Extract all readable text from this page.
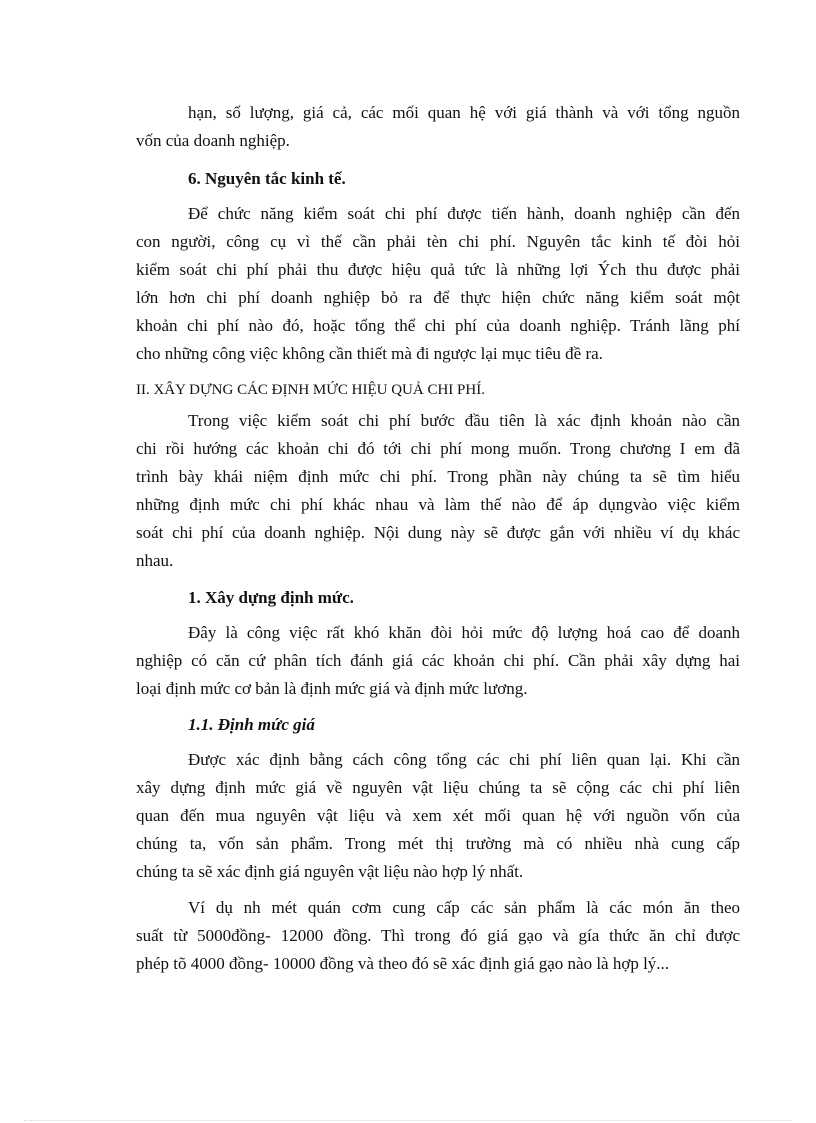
hạn, số lượng, giá cả, các mối quan hệ với giá thành và với tổng nguồn
vốn của doanh nghiệp.
6. Nguyên tắc kinh tế.
Để chức năng kiểm soát chi phí được tiến hành, doanh nghiệp cần đến
con người, công cụ vì thế cần phải tèn chi phí. Nguyên tắc kinh tế đòi hỏi
kiểm soát chi phí phải thu được hiệu quả tức là những lợi Ých thu được phải
lớn hơn chi phí doanh nghiệp bỏ ra để thực hiện chức năng kiểm soát một
khoản chi phí nào đó, hoặc tổng thể chi phí của doanh nghiệp. Tránh lãng phí
cho những công việc không cần thiết mà đi ngược lại mục tiêu đề ra.
II. XÂY DỰNG CÁC ĐỊNH MỨC HIỆU QUẢ CHI PHÍ.
Trong việc kiểm soát chi phí bước đầu tiên là xác định khoản nào cần
chi rồi hướng các khoản chi đó tới chi phí mong muốn. Trong chương I em đã
trình bày khái niệm định mức chi phí. Trong phần này chúng ta sẽ tìm hiểu
những định mức chi phí khác nhau và làm thế nào để áp dụngvào việc kiểm
soát chi phí của doanh nghiệp. Nội dung này sẽ được gắn với nhiều ví dụ khác
nhau.
1. Xây dựng định mức.
Đây là công việc rất khó khăn đòi hỏi mức độ lượng hoá cao để doanh
nghiệp có căn cứ phân tích đánh giá các khoản chi phí. Cần phải xây dựng hai
loại định mức cơ bản là định mức giá và định mức lương.
1.1. Định mức giá
Được xác định bằng cách công tổng các chi phí liên quan lại. Khi cần
xây dựng định mức giá về nguyên vật liệu chúng ta sẽ cộng các chi phí liên
quan đến mua nguyên vật liệu và xem xét mối quan hệ với nguồn vốn của
chúng ta, vốn sản phẩm. Trong mét thị trường mà có nhiều nhà cung cấp
chúng ta sẽ xác định giá nguyên vật liệu nào hợp lý nhất.
Ví dụ nh mét quán cơm cung cấp các sản phẩm là các món ăn theo
suất từ 5000đồng- 12000 đồng. Thì trong đó giá gạo và gía thức ăn chỉ được
phép tõ 4000 đồng- 10000 đồng và theo đó sẽ xác định giá gạo nào là hợp lý...
